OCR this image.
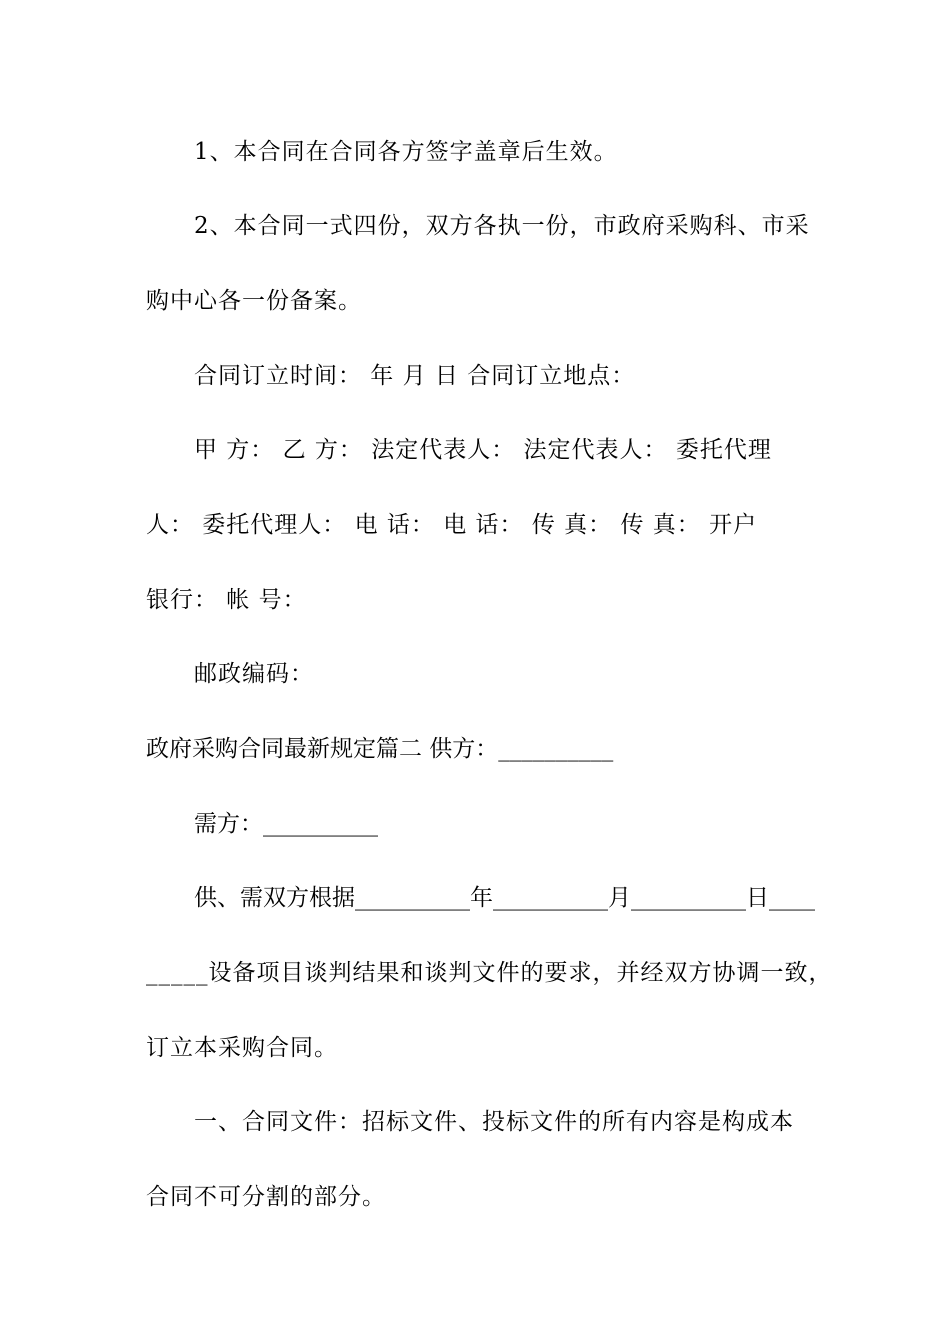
1、本合同在合同各方签字盖章后生效。
2、本合同一式四份，双方各执一份，市政府采购科、市采
购中心各一份备案。
合同订立时间： 年 月 日 合同订立地点：
甲 方： 乙 方： 法定代表人： 法定代表人： 委托代理
人： 委托代理人： 电 话： 电 话： 传 真： 传 真： 开户
银行： 帐 号：
邮政编码：
政府采购合同最新规定篇二 供方：__________
需方：__________
供、需双方根据__________年__________月__________日____
_____设备项目谈判结果和谈判文件的要求，并经双方协调一致，
订立本采购合同。
一、合同文件：招标文件、投标文件的所有内容是构成本
合同不可分割的部分。
